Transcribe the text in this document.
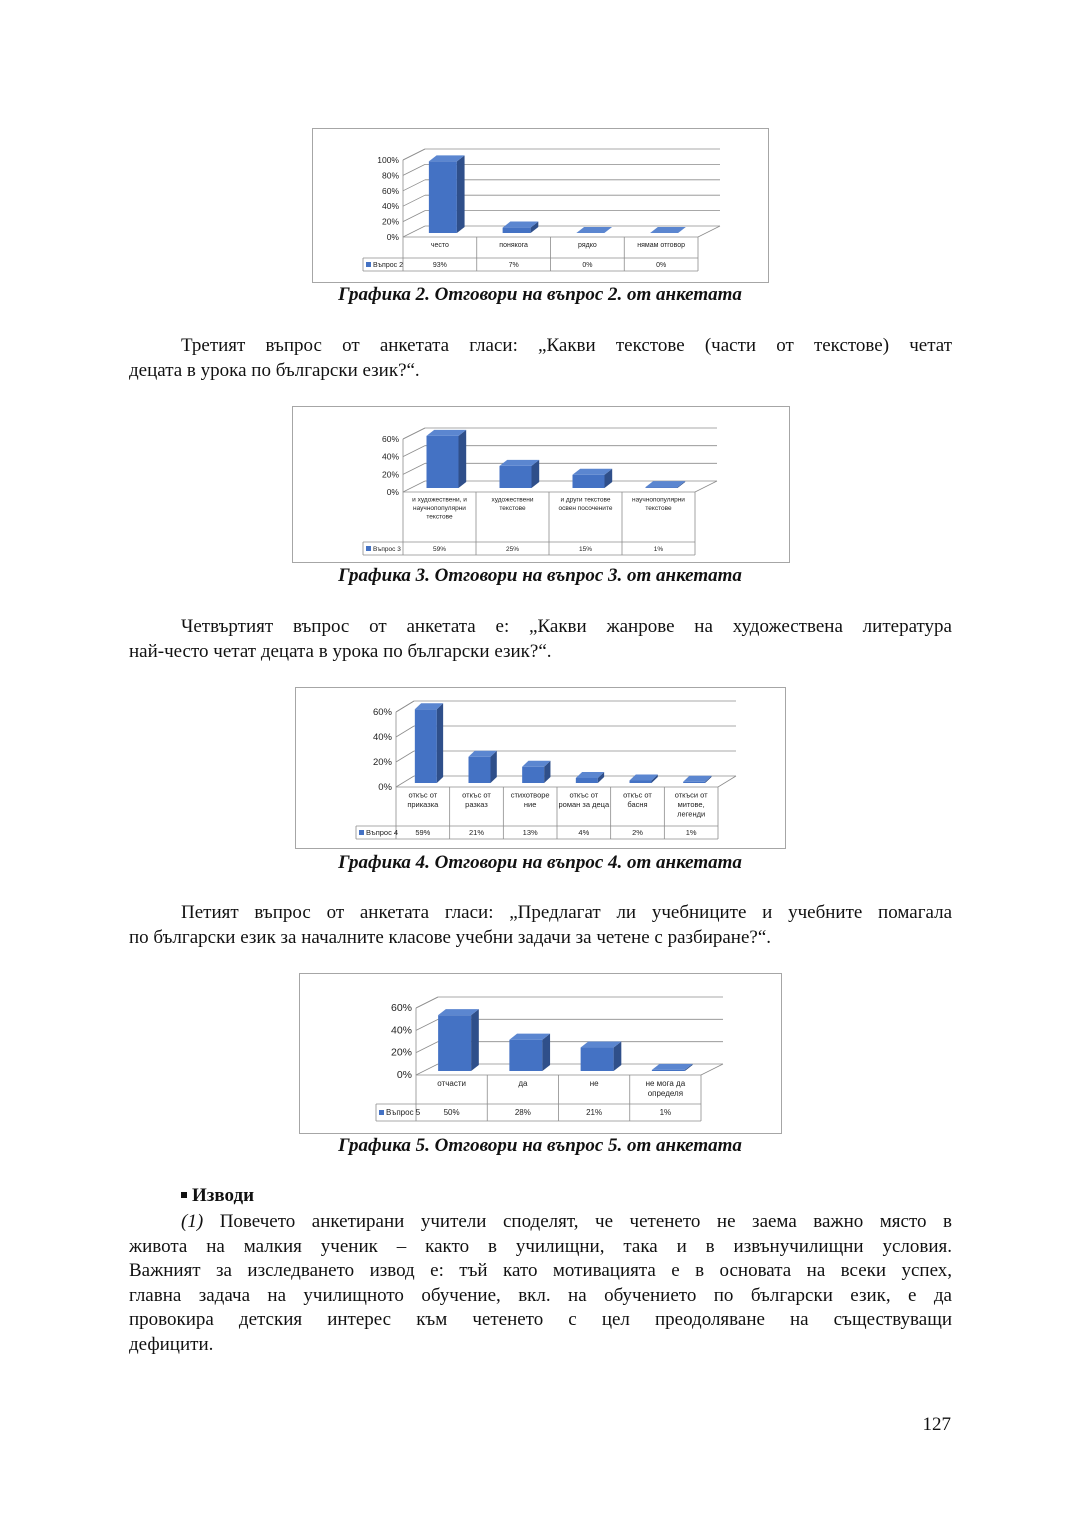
0%
20%
40%
60%
80%
100%
Въпрос 2
често
93%
понякога
7%
рядко
0%
нямам отговор
0%
Графика 2. Отговори на въпрос 2. от анкетата
Третият въпрос от анкетата гласи: „Какви текстове (части от текстове) четат
децата в урока по български език?“.
0%
20%
40%
60%
Въпрос 3
и художествени, и научнопопулярни текстове
59%
художествени текстове
25%
и други текстове освен посочените
15%
научнопопулярни текстове
1%
Графика 3. Отговори на въпрос 3. от анкетата
Четвъртият въпрос от анкетата е: „Какви жанрове на художествена литература
най-често четат децата в урока по български език?“.
0%
20%
40%
60%
Въпрос 4
откъс от приказка
59%
откъс от разказ
21%
стихотворе ние
13%
откъс от роман за деца
4%
откъс от басня
2%
откъси от митове, легенди
1%
Графика 4. Отговори на въпрос 4. от анкетата
Петият въпрос от анкетата гласи: „Предлагат ли учебниците и учебните помагала
по български език за началните класове учебни задачи за четене с разбиране?“.
0%
20%
40%
60%
Въпрос 5
отчасти
50%
да
28%
не
21%
не мога да определя
1%
Графика 5. Отговори на въпрос 5. от анкетата
Изводи
(1) Повечето анкетирани учители споделят, че четенето не заема важно място в
живота на малкия ученик – както в училищни, така и в извънучилищни условия.
Важният за изследването извод е: тъй като мотивацията е в основата на всеки успех,
главна задача на училищното обучение, вкл. на обучението по български език, е да
провокира детския интерес към четенето с цел преодоляване на съществуващи
дефицити.
127
